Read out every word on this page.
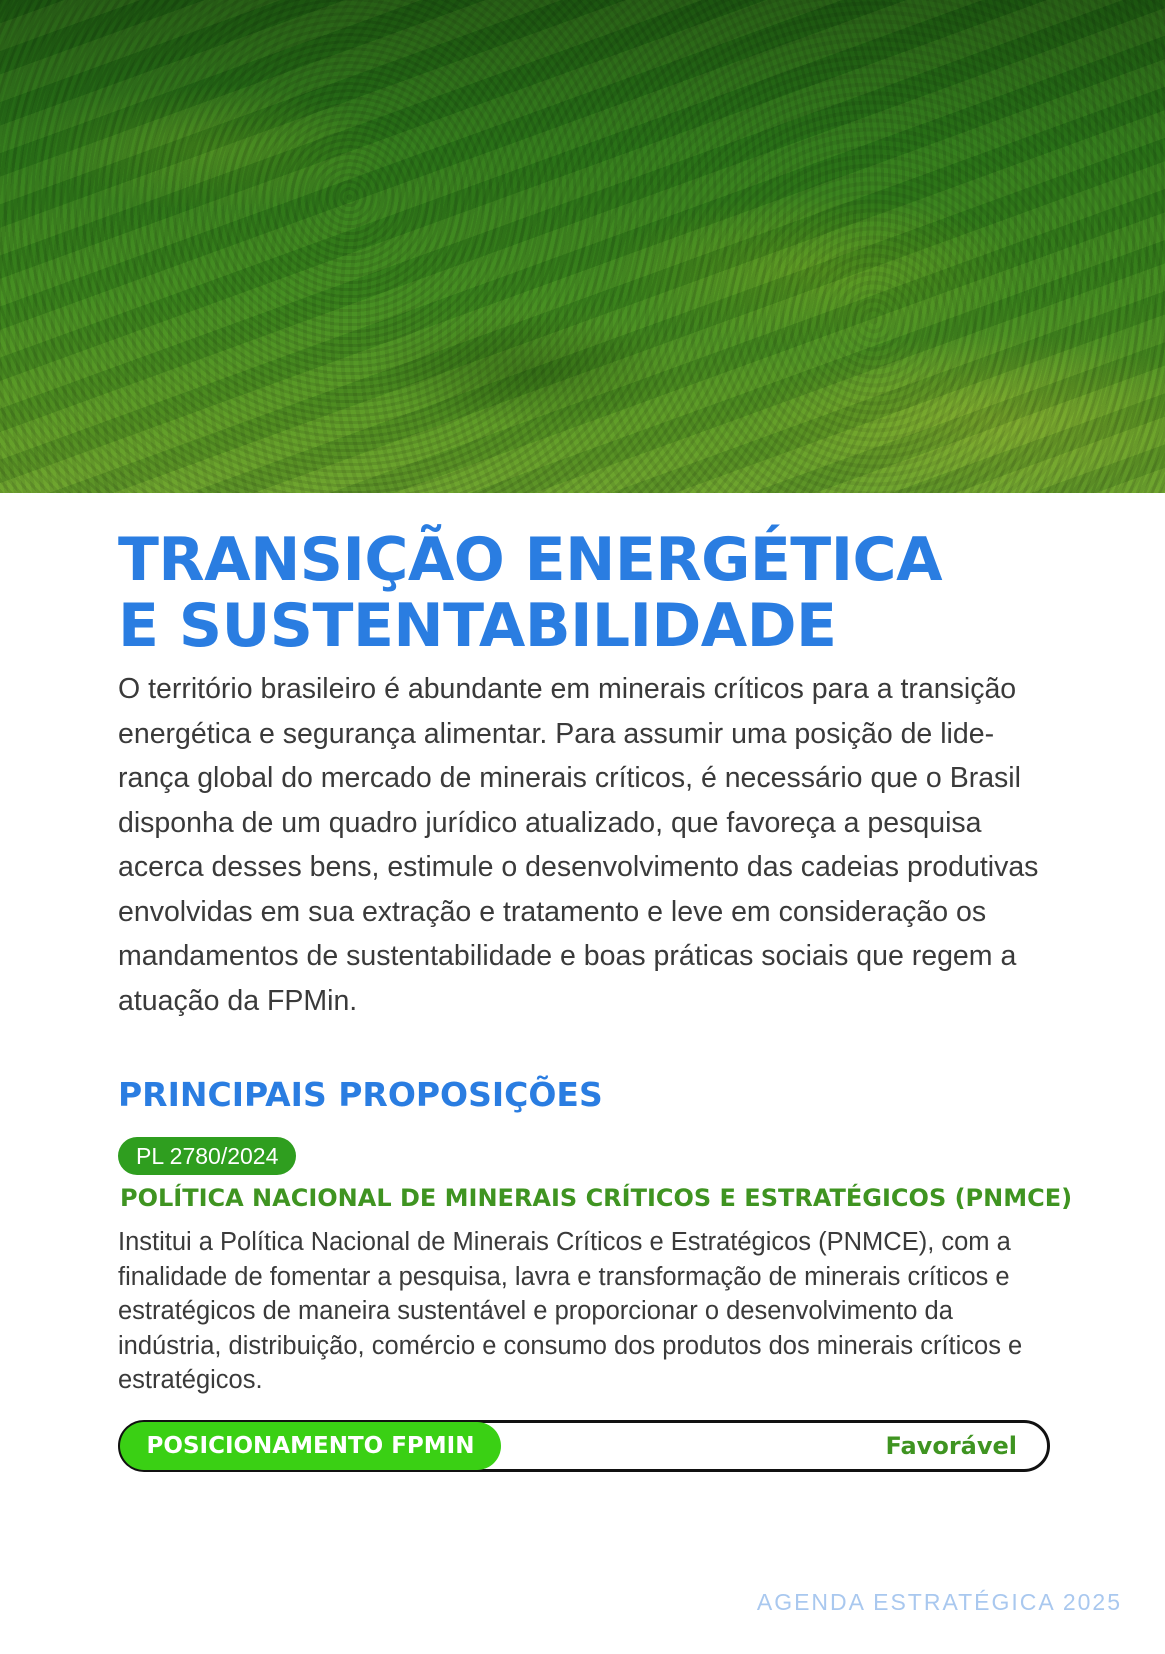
TRANSIÇÃO ENERGÉTICA
E SUSTENTABILIDADE

O território brasileiro é abundante em minerais críticos para a transição energética e segurança alimentar. Para assumir uma posição de liderança global do mercado de minerais críticos, é necessário que o Brasil disponha de um quadro jurídico atualizado, que favoreça a pesquisa acerca desses bens, estimule o desenvolvimento das cadeias produtivas envolvidas em sua extração e tratamento e leve em consideração os mandamentos de sustentabilidade e boas práticas sociais que regem a atuação da FPMin.

PRINCIPAIS PROPOSIÇÕES
PL 2780/2024
POLÍTICA NACIONAL DE MINERAIS CRÍTICOS E ESTRATÉGICOS (PNMCE)

Institui a Política Nacional de Minerais Críticos e Estratégicos (PNMCE), com a finalidade de fomentar a pesquisa, lavra e transformação de minerais críticos e estratégicos de maneira sustentável e proporcionar o desenvolvimento da indústria, distribuição, comércio e consumo dos produtos dos minerais críticos e estratégicos.

POSICIONAMENTO FPMIN	Favorável
AGENDA ESTRATÉGICA 2025
